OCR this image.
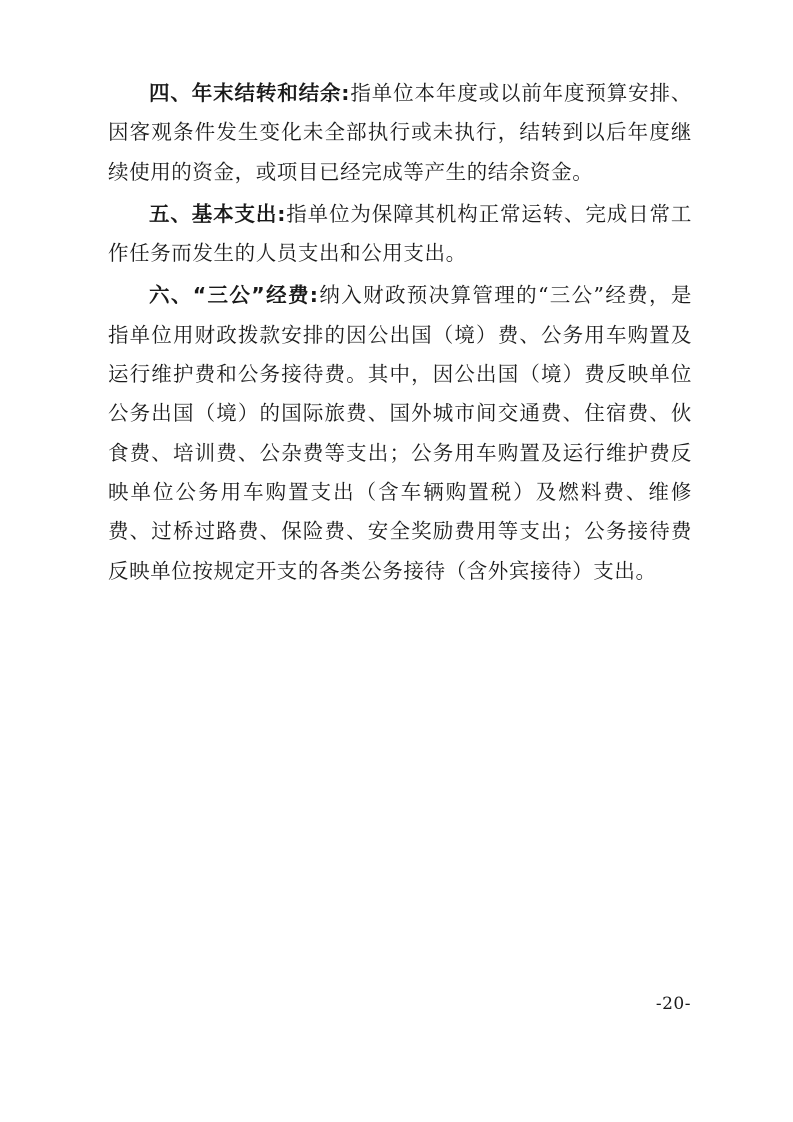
四、年末结转和结余:指单位本年度或以前年度预算安排、因客观条件发生变化未全部执行或未执行，结转到以后年度继续使用的资金，或项目已经完成等产生的结余资金。

五、基本支出:指单位为保障其机构正常运转、完成日常工作任务而发生的人员支出和公用支出。

六、“三公”经费:纳入财政预决算管理的“三公”经费，是指单位用财政拨款安排的因公出国（境）费、公务用车购置及运行维护费和公务接待费。其中，因公出国（境）费反映单位公务出国（境）的国际旅费、国外城市间交通费、住宿费、伙食费、培训费、公杂费等支出；公务用车购置及运行维护费反映单位公务用车购置支出（含车辆购置税）及燃料费、维修费、过桥过路费、保险费、安全奖励费用等支出；公务接待费反映单位按规定开支的各类公务接待（含外宾接待）支出。

-20-
